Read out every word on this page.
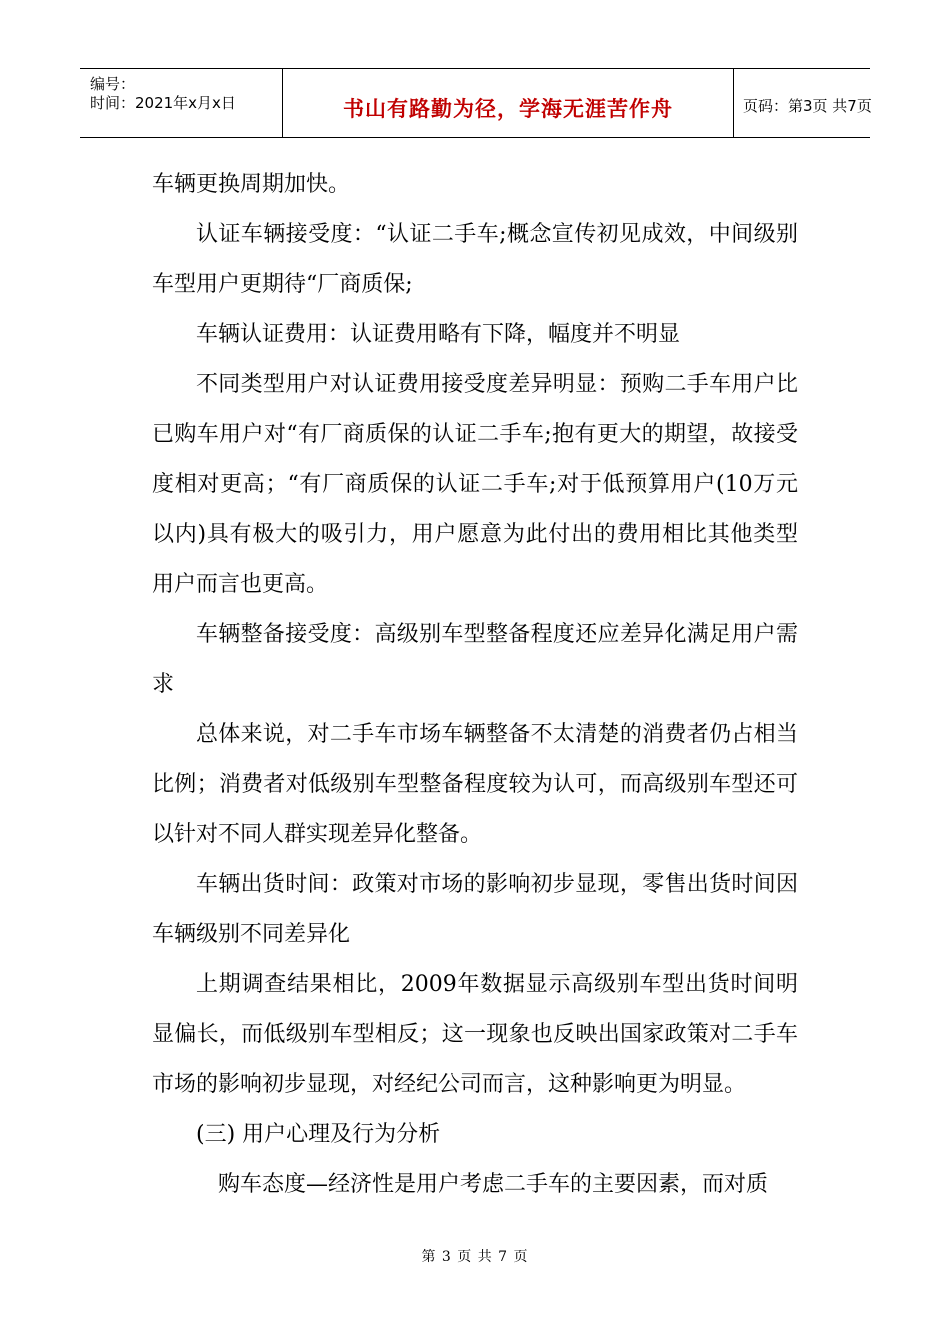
编号：
时间：2021年x月x日	书山有路勤为径，学海无涯苦作舟	页码：第3页 共7页

车辆更换周期加快。

认证车辆接受度：“认证二手车;概念宣传初见成效，中间级别车型用户更期待“厂商质保;

车辆认证费用：认证费用略有下降，幅度并不明显

不同类型用户对认证费用接受度差异明显：预购二手车用户比已购车用户对“有厂商质保的认证二手车;抱有更大的期望，故接受度相对更高；“有厂商质保的认证二手车;对于低预算用户(10万元以内)具有极大的吸引力，用户愿意为此付出的费用相比其他类型用户而言也更高。

车辆整备接受度：高级别车型整备程度还应差异化满足用户需求

总体来说，对二手车市场车辆整备不太清楚的消费者仍占相当比例；消费者对低级别车型整备程度较为认可，而高级别车型还可以针对不同人群实现差异化整备。

车辆出货时间：政策对市场的影响初步显现，零售出货时间因车辆级别不同差异化

上期调查结果相比，2009年数据显示高级别车型出货时间明显偏长，而低级别车型相反；这一现象也反映出国家政策对二手车市场的影响初步显现，对经纪公司而言，这种影响更为明显。

(三) 用户心理及行为分析

购车态度—经济性是用户考虑二手车的主要因素，而对质

第 3 页 共 7 页
